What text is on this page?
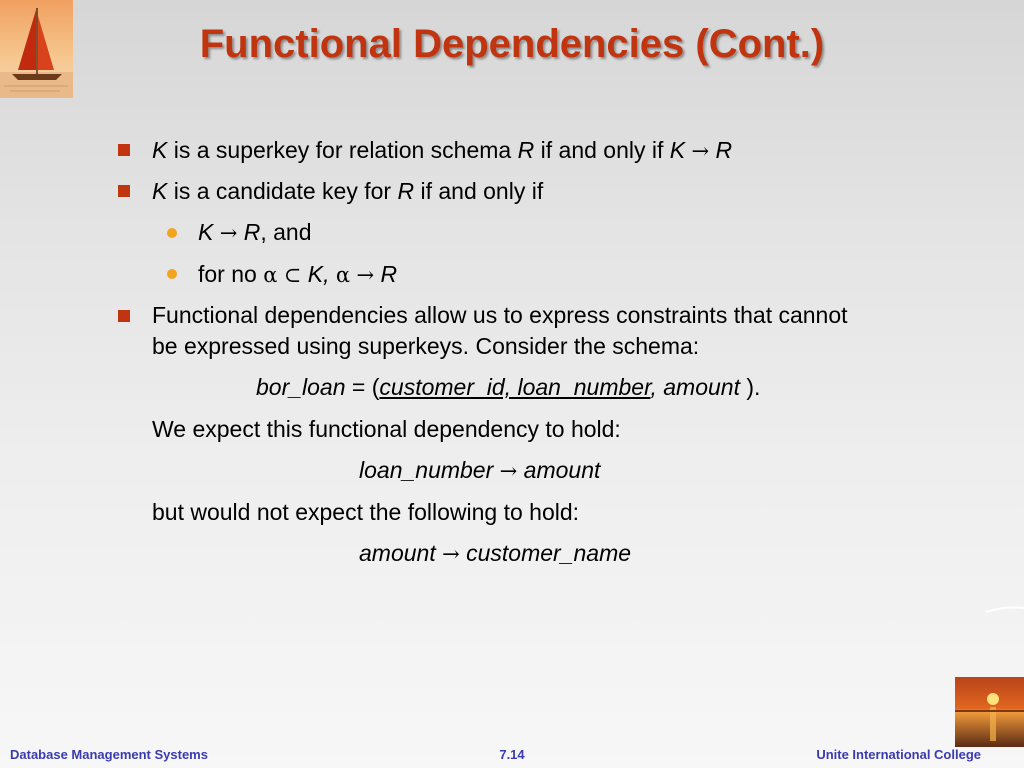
Functional Dependencies (Cont.)
K is a superkey for relation schema R if and only if K → R
K is a candidate key for R if and only if
K → R, and
for no α ⊂ K, α → R
Functional dependencies allow us to express constraints that cannot
be expressed using superkeys. Consider the schema:
bor_loan = (customer_id, loan_number, amount ).
We expect this functional dependency to hold:
loan_number → amount
but would not expect the following to hold:
amount → customer_name
Database Management Systems	7.14	Unite International College
